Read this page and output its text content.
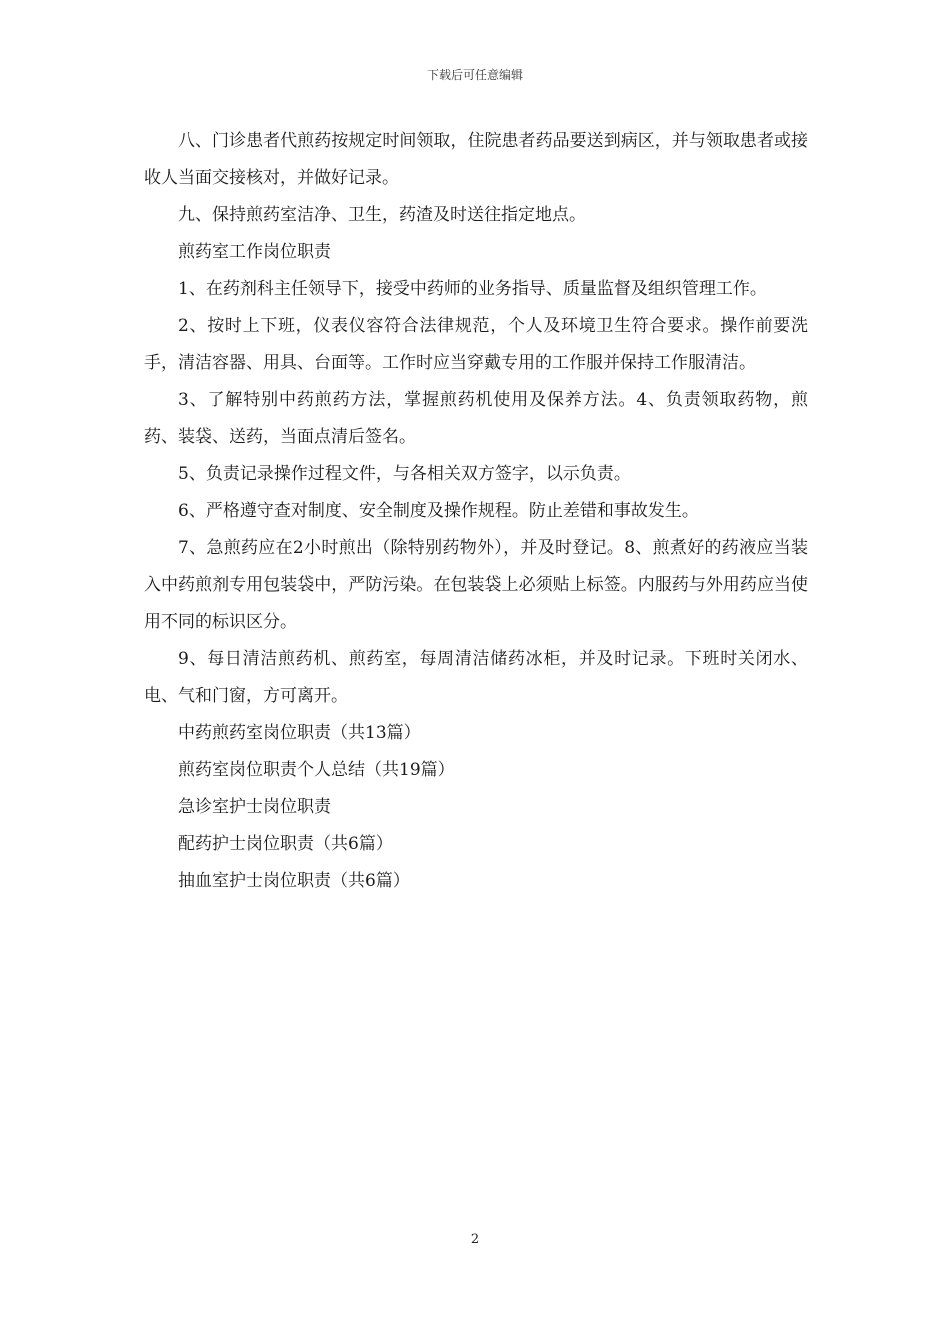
下载后可任意编辑

八、门诊患者代煎药按规定时间领取，住院患者药品要送到病区，并与领取患者或接收人当面交接核对，并做好记录。

九、保持煎药室洁净、卫生，药渣及时送往指定地点。

煎药室工作岗位职责

1、在药剂科主任领导下，接受中药师的业务指导、质量监督及组织管理工作。

2、按时上下班，仪表仪容符合法律规范，个人及环境卫生符合要求。操作前要洗手，清洁容器、用具、台面等。工作时应当穿戴专用的工作服并保持工作服清洁。

3、了解特别中药煎药方法，掌握煎药机使用及保养方法。4、负责领取药物，煎药、装袋、送药，当面点清后签名。

5、负责记录操作过程文件，与各相关双方签字，以示负责。

6、严格遵守查对制度、安全制度及操作规程。防止差错和事故发生。

7、急煎药应在2小时煎出（除特别药物外），并及时登记。8、煎煮好的药液应当装入中药煎剂专用包装袋中，严防污染。在包装袋上必须贴上标签。内服药与外用药应当使用不同的标识区分。

9、每日清洁煎药机、煎药室，每周清洁储药冰柜，并及时记录。下班时关闭水、电、气和门窗，方可离开。

中药煎药室岗位职责（共13篇）

煎药室岗位职责个人总结（共19篇）

急诊室护士岗位职责

配药护士岗位职责（共6篇）

抽血室护士岗位职责（共6篇）

2
